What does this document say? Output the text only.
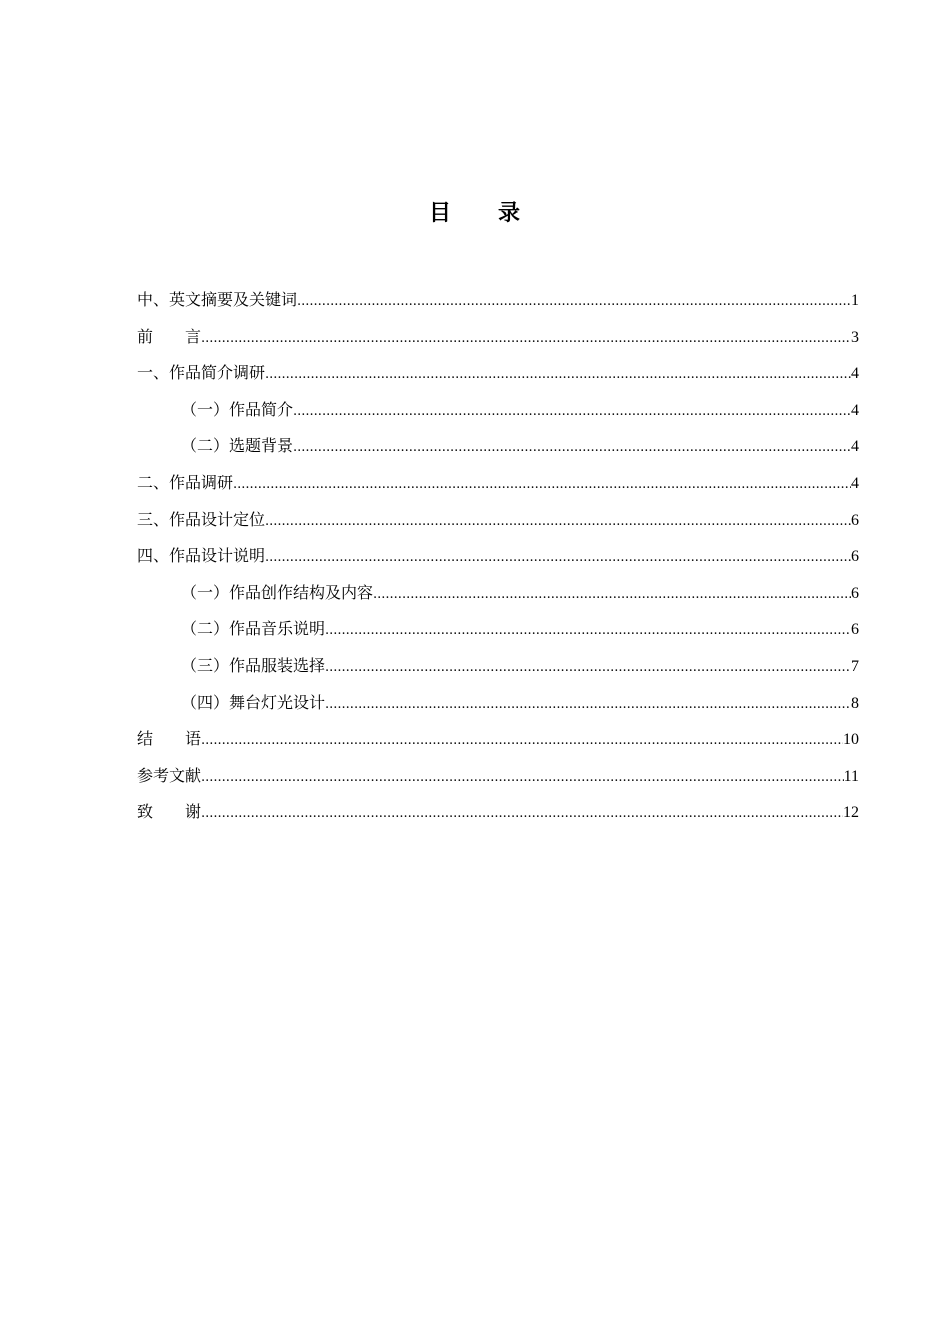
目　　录
中、英文摘要及关键词 .....	1
前　　言 .....	3
一、作品简介调研 .....	4
（一）作品简介 .....	4
（二）选题背景 .....	4
二、作品调研 .....	4
三、作品设计定位 .....	6
四、作品设计说明 .....	6
（一）作品创作结构及内容 .....	6
（二）作品音乐说明 .....	6
（三）作品服装选择 .....	7
（四）舞台灯光设计 .....	8
结　　语 .....	10
参考文献 .....	11
致　　谢 .....	12
